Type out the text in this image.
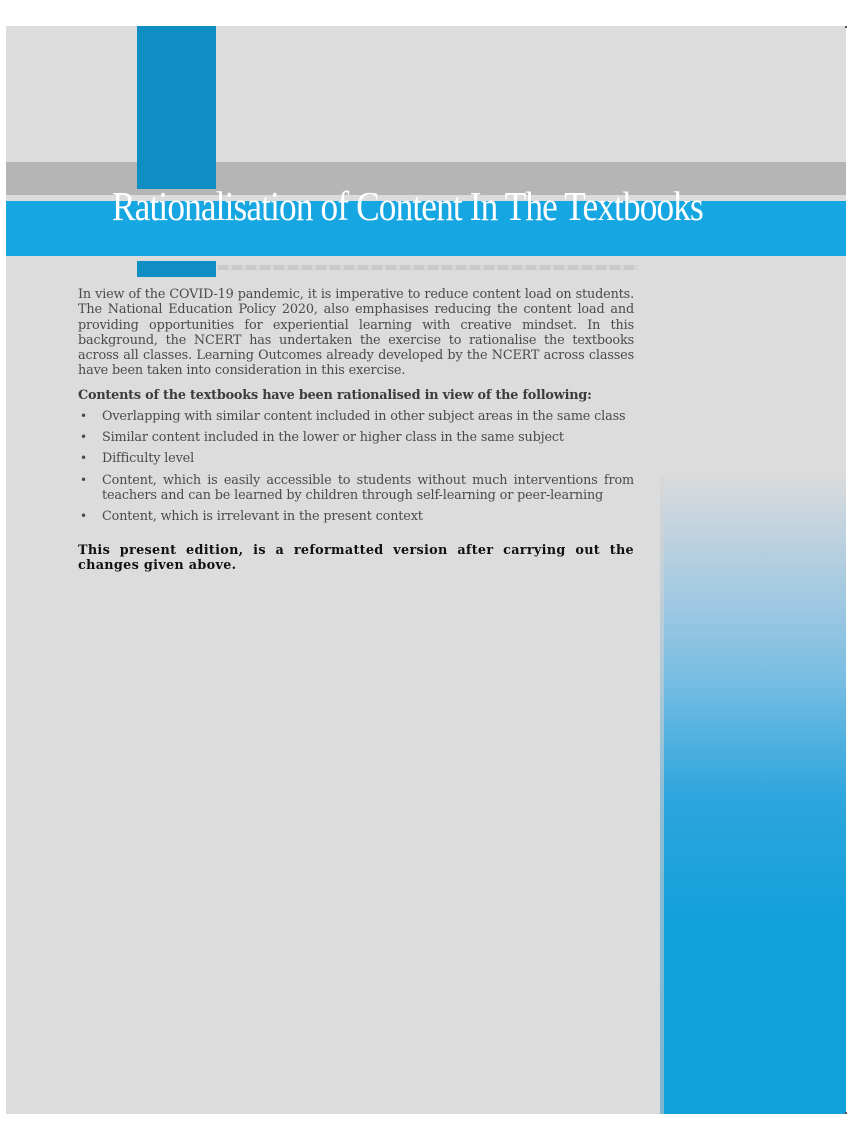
Rationalisation of Content In The Textbooks

In view of the COVID-19 pandemic, it is imperative to reduce content load on students. The National Education Policy 2020, also emphasises reducing the content load and providing opportunities for experiential learning with creative mindset. In this background, the NCERT has undertaken the exercise to rationalise the textbooks across all classes. Learning Outcomes already developed by the NCERT across classes have been taken into consideration in this exercise.

Contents of the textbooks have been rationalised in view of the following:

• Overlapping with similar content included in other subject areas in the same class
• Similar content included in the lower or higher class in the same subject
• Difficulty level
• Content, which is easily accessible to students without much interventions from teachers and can be learned by children through self-learning or peer-learning
• Content, which is irrelevant in the present context

This present edition, is a reformatted version after carrying out the changes given above.
